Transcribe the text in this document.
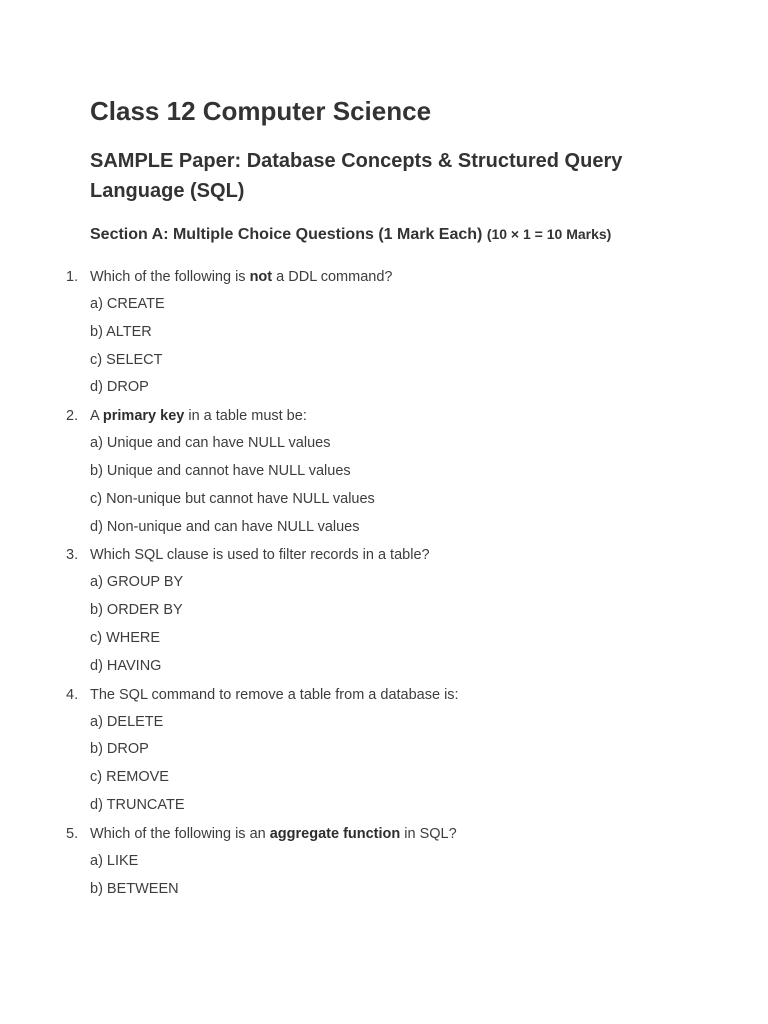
Class 12 Computer Science
SAMPLE Paper: Database Concepts & Structured Query Language (SQL)
Section A: Multiple Choice Questions (1 Mark Each) (10 × 1 = 10 Marks)
1. Which of the following is not a DDL command?
a) CREATE
b) ALTER
c) SELECT
d) DROP
2. A primary key in a table must be:
a) Unique and can have NULL values
b) Unique and cannot have NULL values
c) Non-unique but cannot have NULL values
d) Non-unique and can have NULL values
3. Which SQL clause is used to filter records in a table?
a) GROUP BY
b) ORDER BY
c) WHERE
d) HAVING
4. The SQL command to remove a table from a database is:
a) DELETE
b) DROP
c) REMOVE
d) TRUNCATE
5. Which of the following is an aggregate function in SQL?
a) LIKE
b) BETWEEN
